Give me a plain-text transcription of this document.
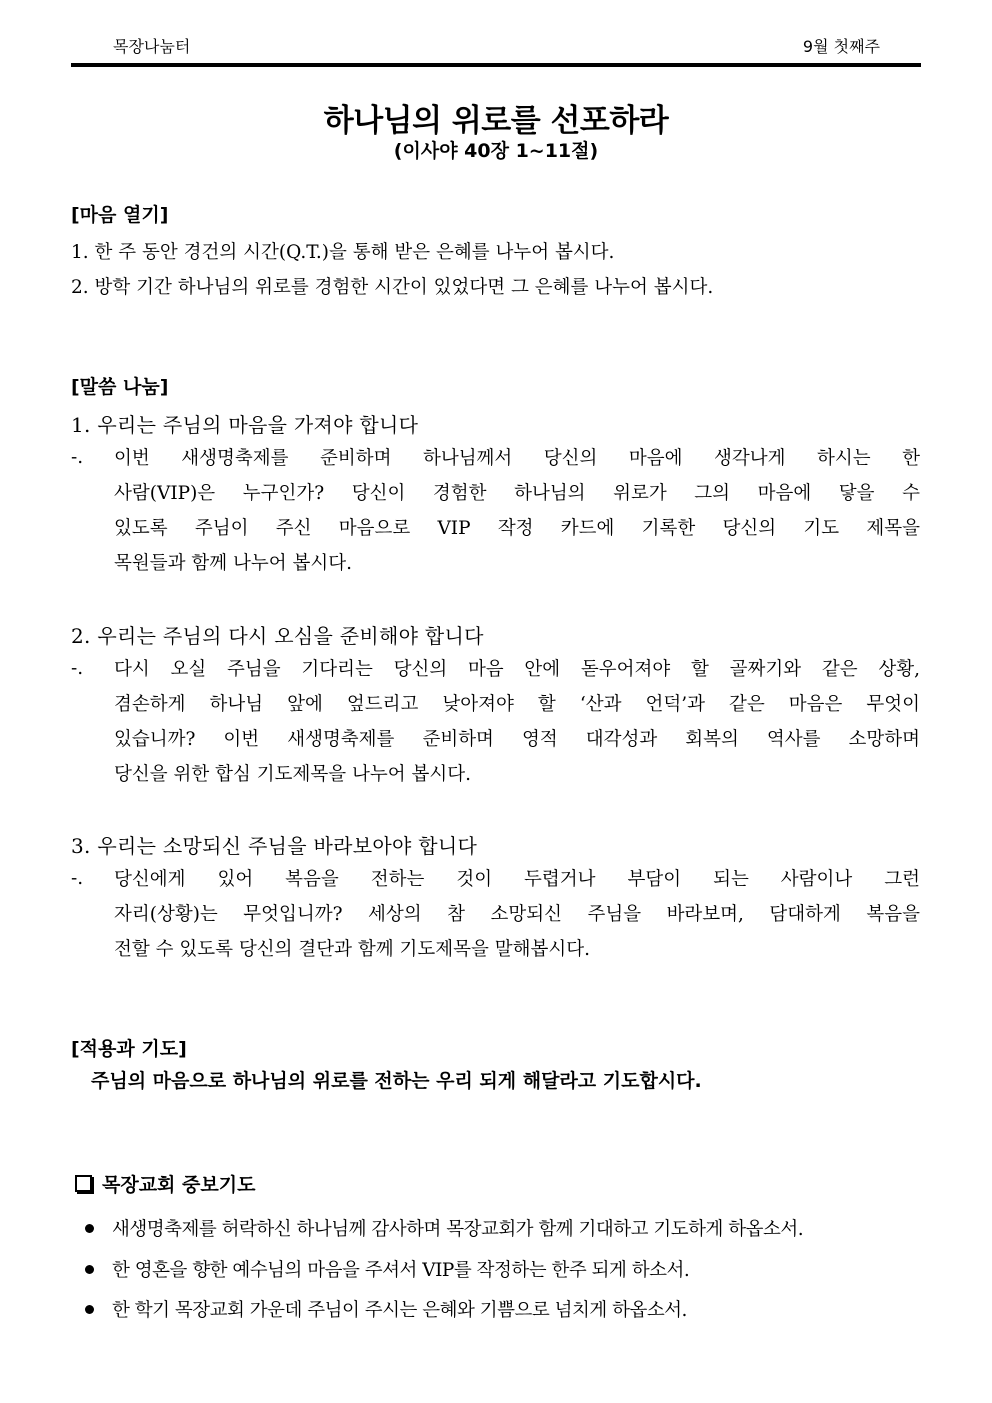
목장나눔터	9월 첫째주
하나님의 위로를 선포하라
(이사야 40장 1~11절)
[마음 열기]
1. 한 주 동안 경건의 시간(Q.T.)을 통해 받은 은혜를 나누어 봅시다.
2. 방학 기간 하나님의 위로를 경험한 시간이 있었다면 그 은혜를 나누어 봅시다.
[말씀 나눔]
1. 우리는 주님의 마음을 가져야 합니다
-. 이번 새생명축제를 준비하며 하나님께서 당신의 마음에 생각나게 하시는 한
사람(VIP)은 누구인가? 당신이 경험한 하나님의 위로가 그의 마음에 닿을 수
있도록 주님이 주신 마음으로 VIP 작정 카드에 기록한 당신의 기도 제목을
목원들과 함께 나누어 봅시다.
2. 우리는 주님의 다시 오심을 준비해야 합니다
-. 다시 오실 주님을 기다리는 당신의 마음 안에 돋우어져야 할 골짜기와 같은 상황,
겸손하게 하나님 앞에 엎드리고 낮아져야 할 ‘산과 언덕’과 같은 마음은 무엇이
있습니까? 이번 새생명축제를 준비하며 영적 대각성과 회복의 역사를 소망하며
당신을 위한 합심 기도제목을 나누어 봅시다.
3. 우리는 소망되신 주님을 바라보아야 합니다
-. 당신에게 있어 복음을 전하는 것이 두렵거나 부담이 되는 사람이나 그런
자리(상황)는 무엇입니까? 세상의 참 소망되신 주님을 바라보며, 담대하게 복음을
전할 수 있도록 당신의 결단과 함께 기도제목을 말해봅시다.
[적용과 기도]
주님의 마음으로 하나님의 위로를 전하는 우리 되게 해달라고 기도합시다.
목장교회 중보기도
새생명축제를 허락하신 하나님께 감사하며 목장교회가 함께 기대하고 기도하게 하옵소서.
한 영혼을 향한 예수님의 마음을 주셔서 VIP를 작정하는 한주 되게 하소서.
한 학기 목장교회 가운데 주님이 주시는 은혜와 기쁨으로 넘치게 하옵소서.
